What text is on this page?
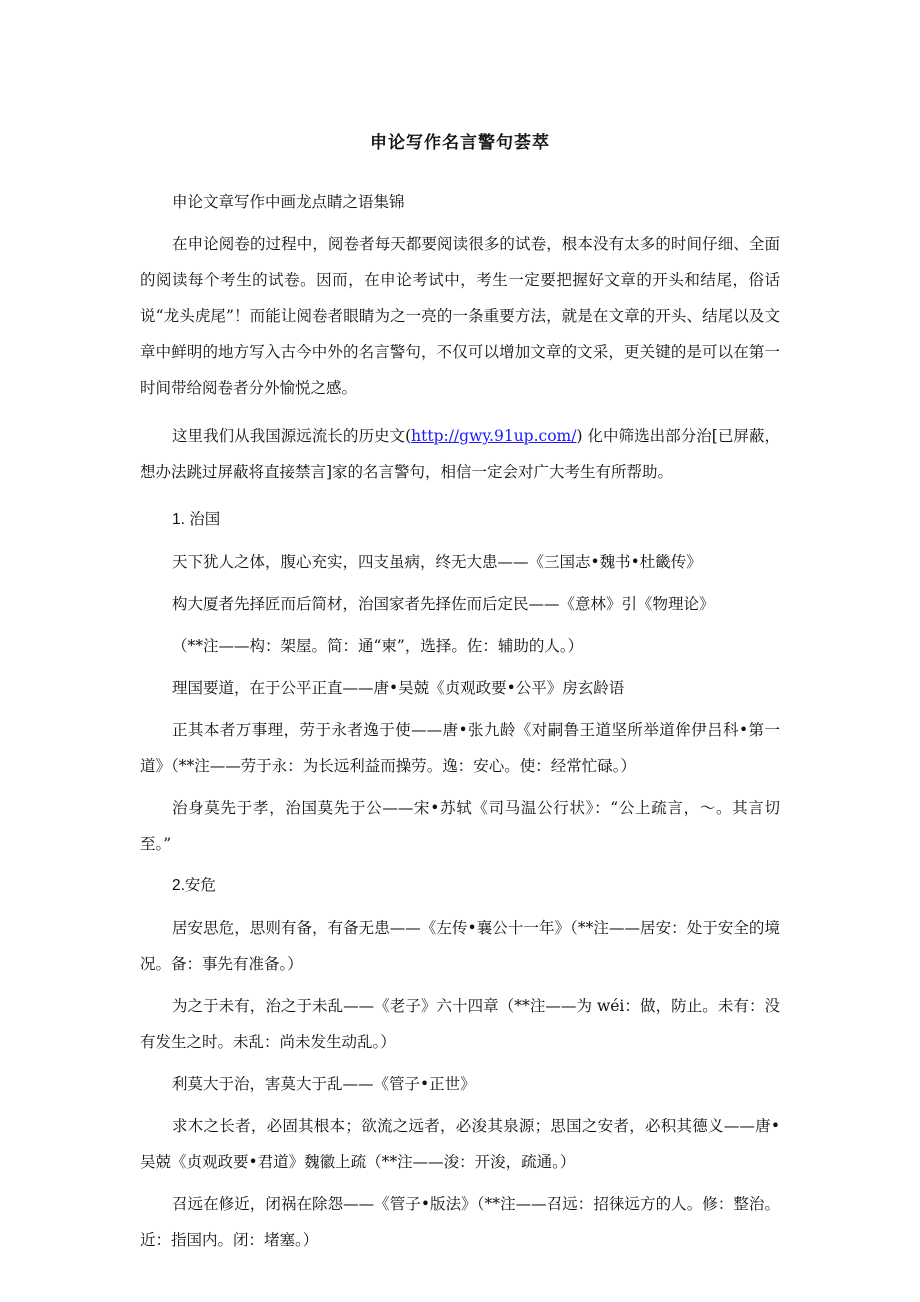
申论写作名言警句荟萃

申论文章写作中画龙点睛之语集锦

在申论阅卷的过程中，阅卷者每天都要阅读很多的试卷，根本没有太多的时间仔细、全面的阅读每个考生的试卷。因而，在申论考试中，考生一定要把握好文章的开头和结尾，俗话说“龙头虎尾”！而能让阅卷者眼睛为之一亮的一条重要方法，就是在文章的开头、结尾以及文章中鲜明的地方写入古今中外的名言警句，不仅可以增加文章的文采，更关键的是可以在第一时间带给阅卷者分外愉悦之感。

这里我们从我国源远流长的历史文(http://gwy.91up.com/) 化中筛选出部分治[已屏蔽，想办法跳过屏蔽将直接禁言]家的名言警句，相信一定会对广大考生有所帮助。

1. 治国

天下犹人之体，腹心充实，四支虽病，终无大患——《三国志•魏书•杜畿传》

构大厦者先择匠而后简材，治国家者先择佐而后定民——《意林》引《物理论》

（**注——构：架屋。简：通“柬”，选择。佐：辅助的人。）

理国要道，在于公平正直——唐•吴兢《贞观政要•公平》房玄龄语

正其本者万事理，劳于永者逸于使——唐•张九龄《对嗣鲁王道坚所举道侔伊吕科•第一道》（**注——劳于永：为长远利益而操劳。逸：安心。使：经常忙碌。）

治身莫先于孝，治国莫先于公——宋•苏轼《司马温公行状》：“公上疏言，～。其言切至。”

2.安危

居安思危，思则有备，有备无患——《左传•襄公十一年》（**注——居安：处于安全的境况。备：事先有准备。）

为之于未有，治之于未乱——《老子》六十四章（**注——为 wéi：做，防止。未有：没有发生之时。未乱：尚未发生动乱。）

利莫大于治，害莫大于乱——《管子•正世》

求木之长者，必固其根本；欲流之远者，必浚其泉源；思国之安者，必积其德义——唐•吴兢《贞观政要•君道》魏徽上疏（**注——浚：开浚，疏通。）

召远在修近，闭祸在除怨——《管子•版法》（**注——召远：招徕远方的人。修：整治。近：指国内。闭：堵塞。）
